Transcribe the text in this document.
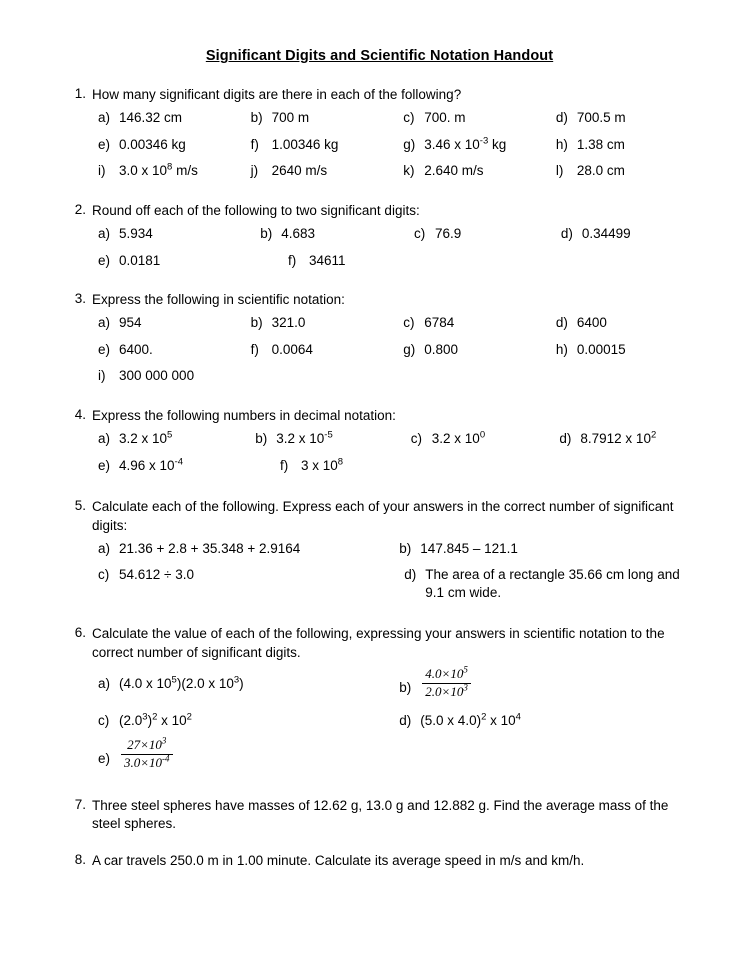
Significant Digits and Scientific Notation Handout
1. How many significant digits are there in each of the following?
a) 146.32 cm	b) 700 m	c) 700. m	d) 700.5 m
e) 0.00346 kg	f) 1.00346 kg	g) 3.46 x $10^{-3}$ kg	h) 1.38 cm
i)	3.0 x $10^8$ m/s	j)	2640 m/s	k) 2.640 m/s	l)	28.0 cm
2. Round off each of the following to two significant digits:
a) 5.934	b) 4.683	c) 76.9	d) 0.34499
e) 0.0181	f) 34611
3. Express the following in scientific notation:
a) 954	b) 321.0	c) 6784	d) 6400
e) 6400.	f) 0.0064	g) 0.800	h) 0.00015
i)	300 000 000
4. Express the following numbers in decimal notation:
a) 3.2 x $10^5$	b) 3.2 x $10^{-5}$	c) 3.2 x $10^0$	d) 8.7912 x $10^2$
e) 4.96 x $10^{-4}$	f) 3 x $10^8$
5. Calculate each of the following. Express each of your answers in the correct number of significant digits:
a) 21.36 + 2.8 + 35.348 + 2.9164	b) 147.845 – 121.1
c) 54.612 ÷ 3.0	d) The area of a rectangle 35.66 cm long and 9.1 cm wide.
6. Calculate the value of each of the following, expressing your answers in scientific notation to the correct number of significant digits.
a) (4.0 x $10^5)(2.0$ x $10^3$)	$b) \frac{4.0\times 10^5}{2.0\times 10^3}$
c) $(2.0^3)^2$ x $10^2$	d) (5.0 x 4.0)$^2$ x $10^4$
$e) \frac{27\times 10^3}{3.0\times 10^{-4}}$
7. Three steel spheres have masses of 12.62 g, 13.0 g and 12.882 g. Find the average mass of the steel spheres.
8. A car travels 250.0 m in 1.00 minute. Calculate its average speed in m/s and km/h.
